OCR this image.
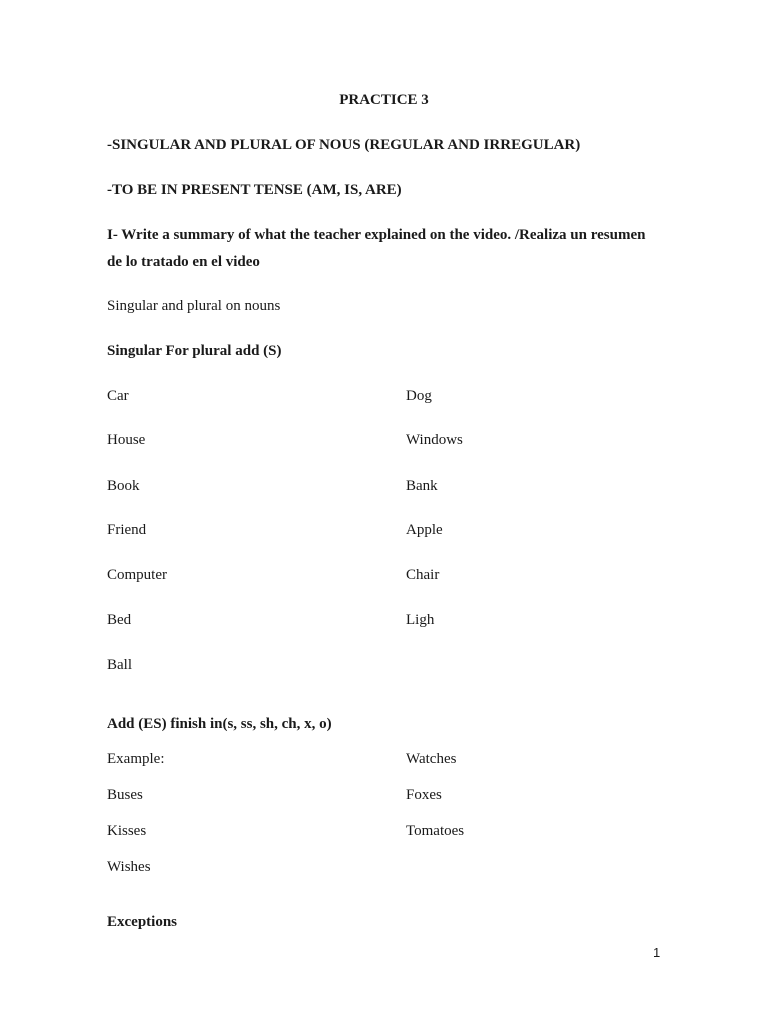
PRACTICE 3
-SINGULAR AND PLURAL OF NOUS (REGULAR AND IRREGULAR)
-TO BE IN PRESENT TENSE (AM, IS, ARE)
I- Write a summary of what the teacher explained on the video. /Realiza un resumen
de lo tratado en el video
Singular and plural on nouns
Singular For plural add (S)
Car
House
Book
Friend
Computer
Bed
Ball
Dog
Windows
Bank
Apple
Chair
Ligh
Add (ES) finish in(s, ss, sh, ch, x, o)
Example:
Buses
Kisses
Wishes
Watches
Foxes
Tomatoes
Exceptions
1
